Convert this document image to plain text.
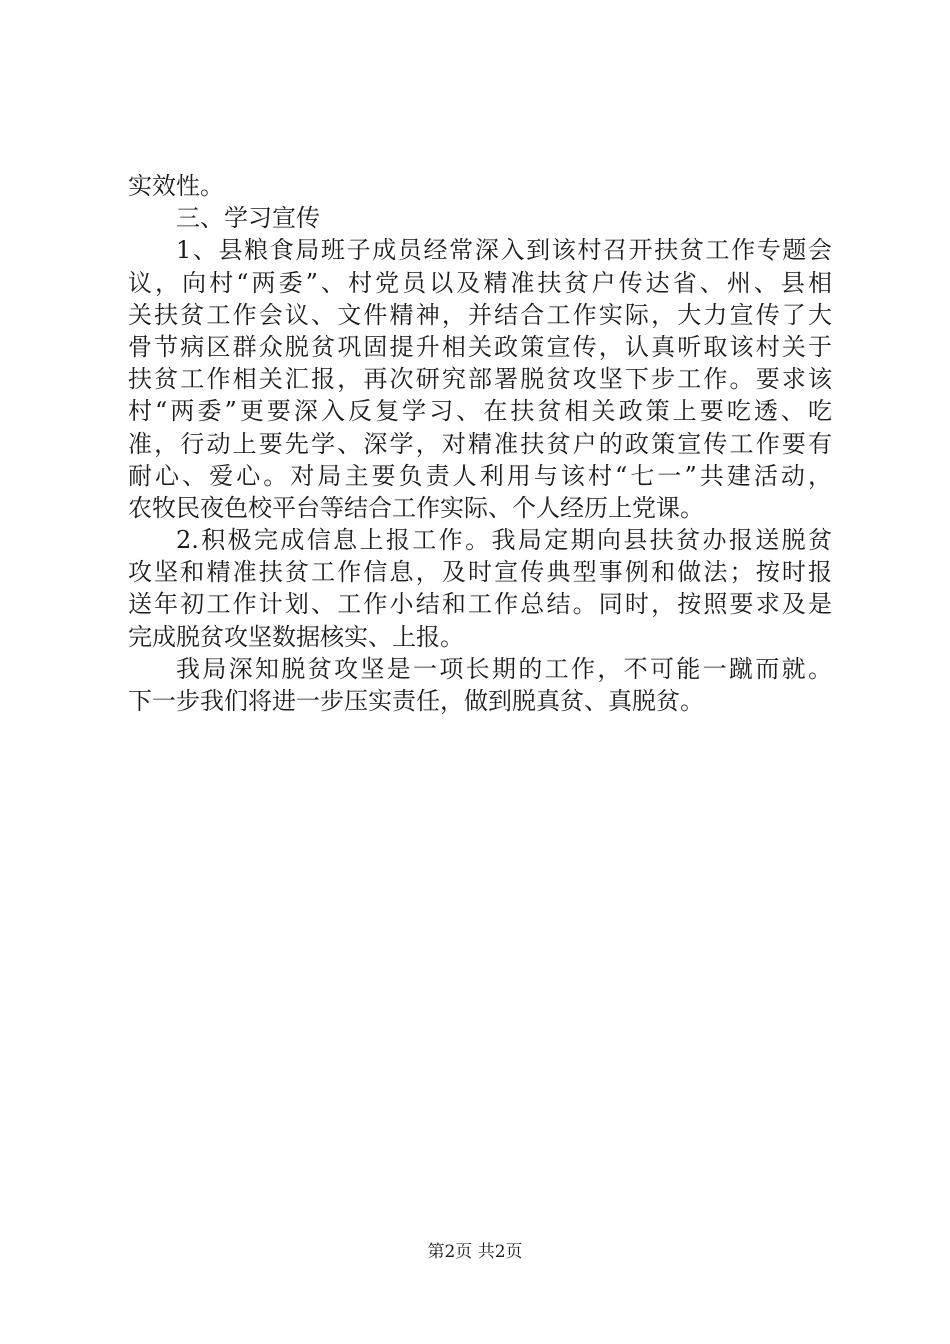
实效性。
三、学习宣传
1、县粮食局班子成员经常深入到该村召开扶贫工作专题会
议，向村“两委”、村党员以及精准扶贫户传达省、州、县相
关扶贫工作会议、文件精神，并结合工作实际，大力宣传了大
骨节病区群众脱贫巩固提升相关政策宣传，认真听取该村关于
扶贫工作相关汇报，再次研究部署脱贫攻坚下步工作。要求该
村“两委”更要深入反复学习、在扶贫相关政策上要吃透、吃
准，行动上要先学、深学，对精准扶贫户的政策宣传工作要有
耐心、爱心。对局主要负责人利用与该村“七一”共建活动，
农牧民夜色校平台等结合工作实际、个人经历上党课。
2.积极完成信息上报工作。我局定期向县扶贫办报送脱贫
攻坚和精准扶贫工作信息，及时宣传典型事例和做法；按时报
送年初工作计划、工作小结和工作总结。同时，按照要求及是
完成脱贫攻坚数据核实、上报。
我局深知脱贫攻坚是一项长期的工作，不可能一蹴而就。
下一步我们将进一步压实责任，做到脱真贫、真脱贫。
第2页 共2页
